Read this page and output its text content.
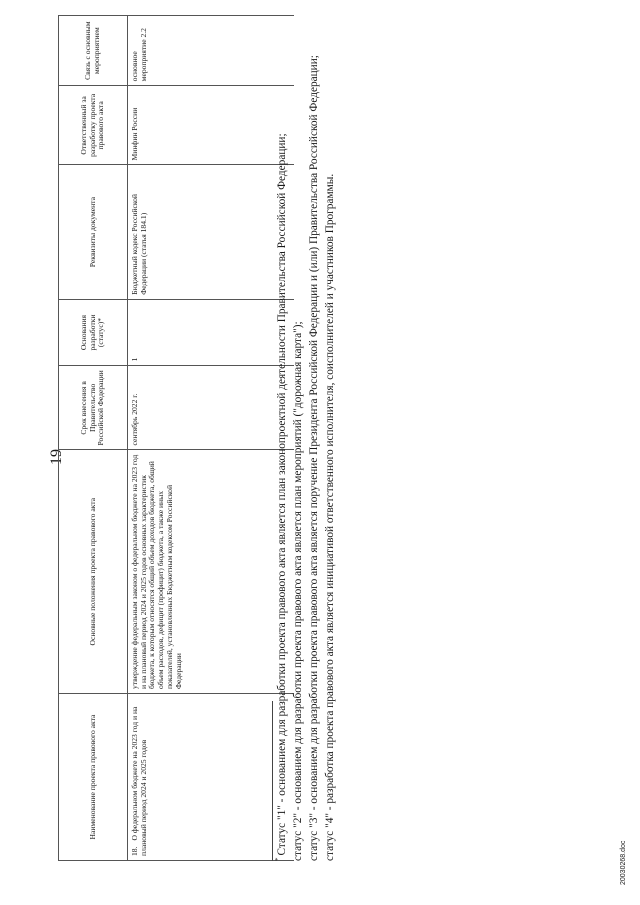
19
Наименование проекта правового акта	Основные положения проекта правового акта	Срок внесения в Правительство Российской Федерации	Основания разработки (статус)*	Реквизиты документа	Ответственный за разработку проекта правового акта	Связь с основным мероприятием
18.О федеральном бюджете на 2023 год и на плановый период 2024 и 2025 годов	утверждение федеральным законом о федеральном бюджете на 2023 год и на плановый период 2024 и 2025 годов основных характеристик бюджета, к которым относятся общий объем доходов бюджета, общий объем расходов, дефицит (профицит) бюджета, а также иных показателей, установленных Бюджетным кодексом Российской Федерации	сентябрь 2022 г.	1	Бюджетный кодекс Российской Федерации (статья 184.1)	Минфин России	основное мероприятие 2.2

*Статус "1" - основанием для разработки проекта правового акта является план законопроектной деятельности Правительства Российской Федерации; статус "2" - основанием для разработки проекта правового акта является план мероприятий ("дорожная карта"); статус "3" - основанием для разработки проекта правового акта является поручение Президента Российской Федерации и (или) Правительства Российской Федерации; статус "4" - разработка проекта правового акта является инициативой ответственного исполнителя, соисполнителей и участников Программы.

20030268.doc
